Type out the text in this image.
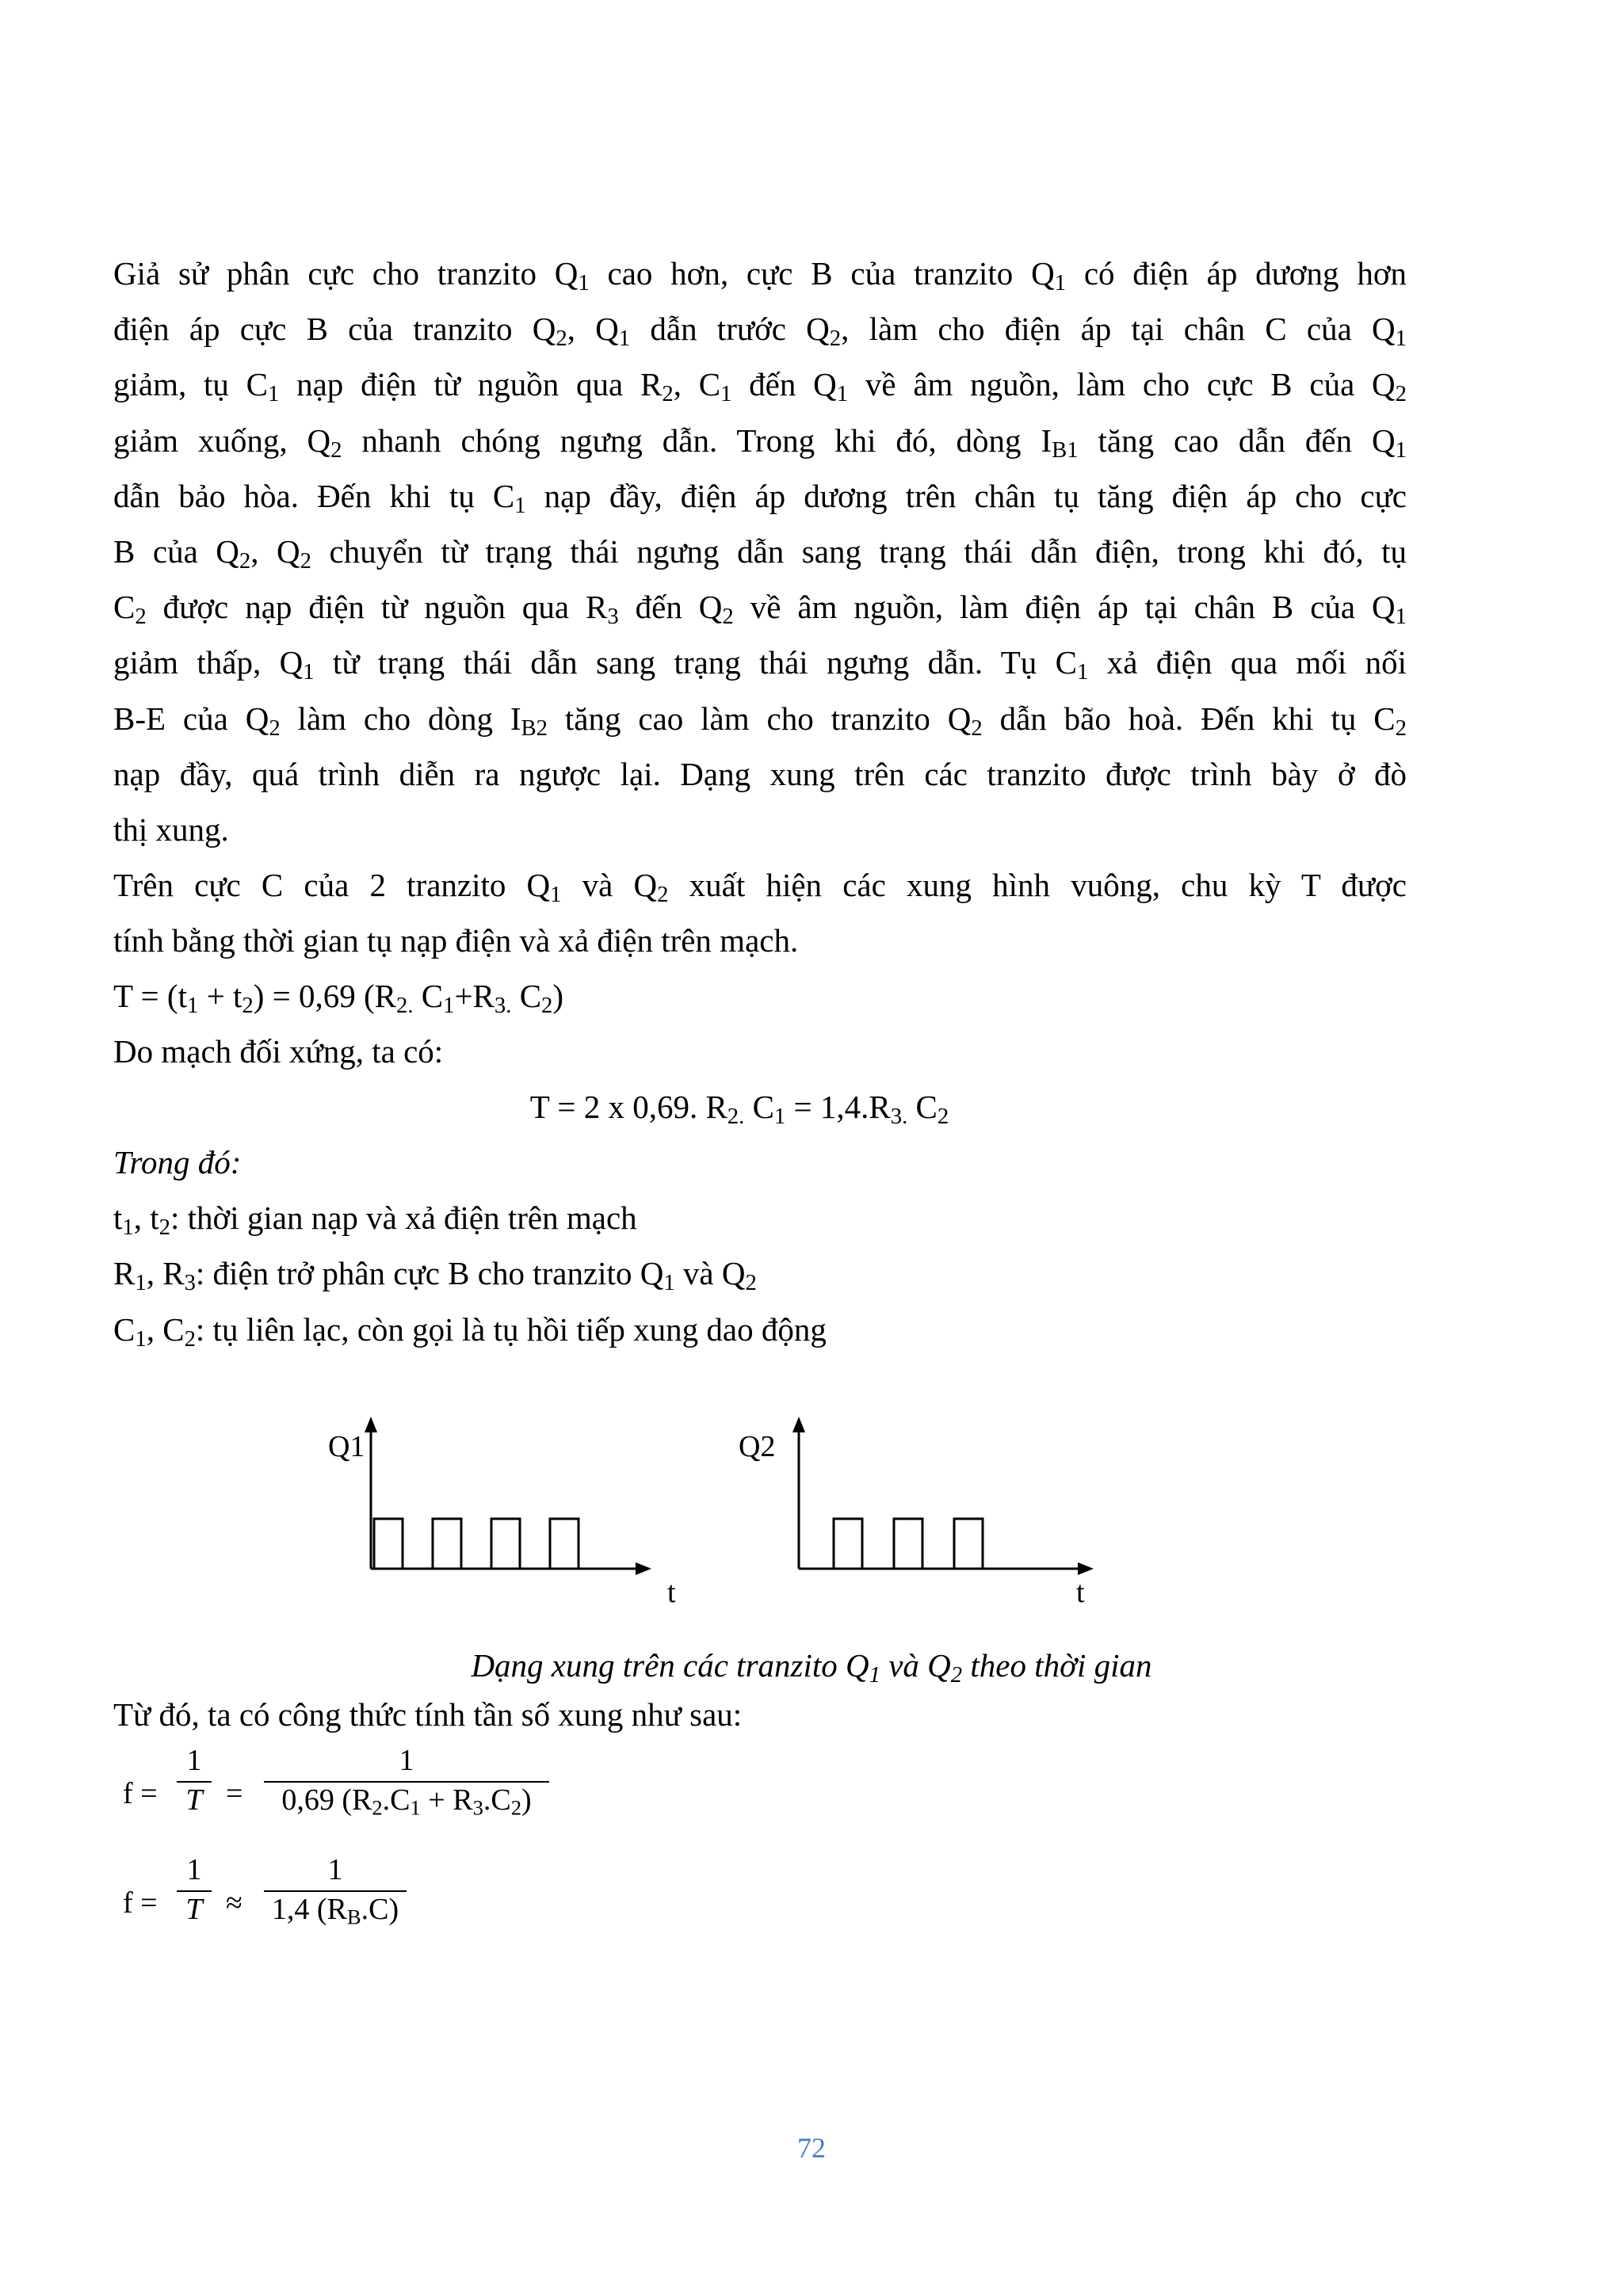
Giả sử phân cực cho tranzito $Q_1$ cao hơn, cực B của tranzito $Q_1$ có điện áp dương hơn
điện áp cực B của tranzito $Q_2$, $Q_1$ dẫn trước $Q_2$, làm cho điện áp tại chân C của $Q_1$
giảm, tụ $C_1$ nạp điện từ nguồn qua $R_2$, $C_1$ đến $Q_1$ về âm nguồn, làm cho cực B của $Q_2$
giảm xuống, $Q_2$ nhanh chóng ngưng dẫn. Trong khi đó, dòng $I_{B1}$ tăng cao dẫn đến $Q_1$
dẫn bảo hòa. Đến khi tụ $C_1$ nạp đầy, điện áp dương trên chân tụ tăng điện áp cho cực
B của $Q_2$, $Q_2$ chuyển từ trạng thái ngưng dẫn sang trạng thái dẫn điện, trong khi đó, tụ
$C_2$ được nạp điện từ nguồn qua $R_3$ đến $Q_2$ về âm nguồn, làm điện áp tại chân B của $Q_1$
giảm thấp, $Q_1$ từ trạng thái dẫn sang trạng thái ngưng dẫn. Tụ $C_1$ xả điện qua mối nối
B-E của $Q_2$ làm cho dòng $I_{B2}$ tăng cao làm cho tranzito $Q_2$ dẫn bão hoà. Đến khi tụ $C_2$
nạp đầy, quá trình diễn ra ngược lại. Dạng xung trên các tranzito được trình bày ở đò
thị xung.
Trên cực C của 2 tranzito $Q_1$ và $Q_2$ xuất hiện các xung hình vuông, chu kỳ T được
tính bằng thời gian tụ nạp điện và xả điện trên mạch.
$T = (t_1 + t_2) = 0,69$ ($R_{2.}$ $C_1+R_{3.}$ $C_2$)
Do mạch đối xứng, ta có:
T = 2 x 0,69. $R_{2.}$ $C_1 = 1,4.R_{3.}$ $C_2$
Trong đó:
$t_1$, $t_2$: thời gian nạp và xả điện trên mạch
$R_1$, $R_3$: điện trở phân cực B cho tranzito $Q_1$ và $Q_2$
$C_1$, $C_2$: tụ liên lạc, còn gọi là tụ hồi tiếp xung dao động
Q1
t
Q2
t
Dạng xung trên các tranzito $Q_1$ và $Q_2$ theo thời gian
Từ đó, ta có công thức tính tần số xung như sau:
f =
1
T =
1
0,69 $(R_2.C_1 + R_3.C_2)$
f =
1
T ≈
1
1,4 $(R_B.C)$
72
